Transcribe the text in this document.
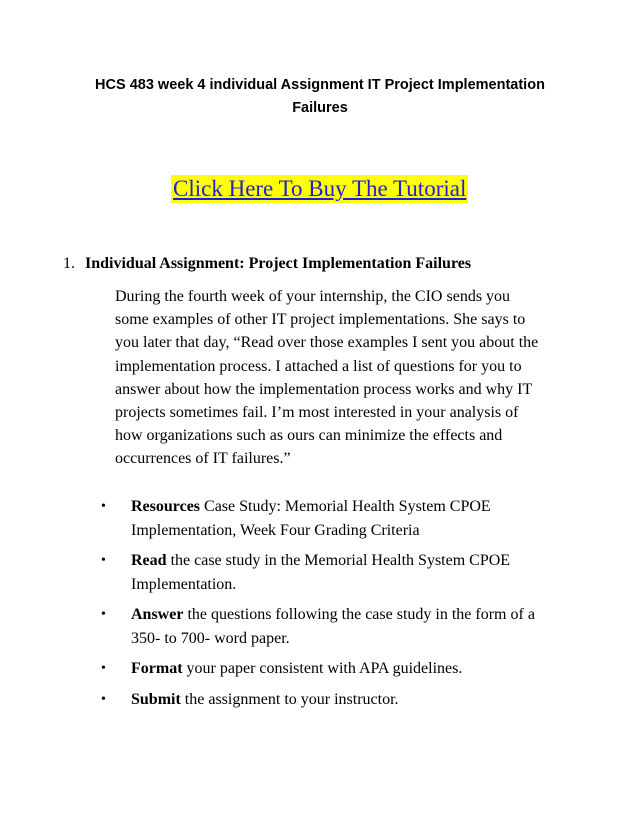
HCS 483 week 4 individual Assignment IT Project Implementation
Failures
Click Here To Buy The Tutorial
1. Individual Assignment: Project Implementation Failures

During the fourth week of your internship, the CIO sends you

some examples of other IT project implementations. She says to

you later that day, “Read over those examples I sent you about the

implementation process. I attached a list of questions for you to

answer about how the implementation process works and why IT

projects sometimes fail. I’m most interested in your analysis of

how organizations such as ours can minimize the effects and

occurrences of IT failures.”

• Resources Case Study: Memorial Health System CPOE
Implementation, Week Four Grading Criteria
• Read the case study in the Memorial Health System CPOE
Implementation.
• Answer the questions following the case study in the form of a
350- to 700- word paper.
• Format your paper consistent with APA guidelines.
• Submit the assignment to your instructor.
